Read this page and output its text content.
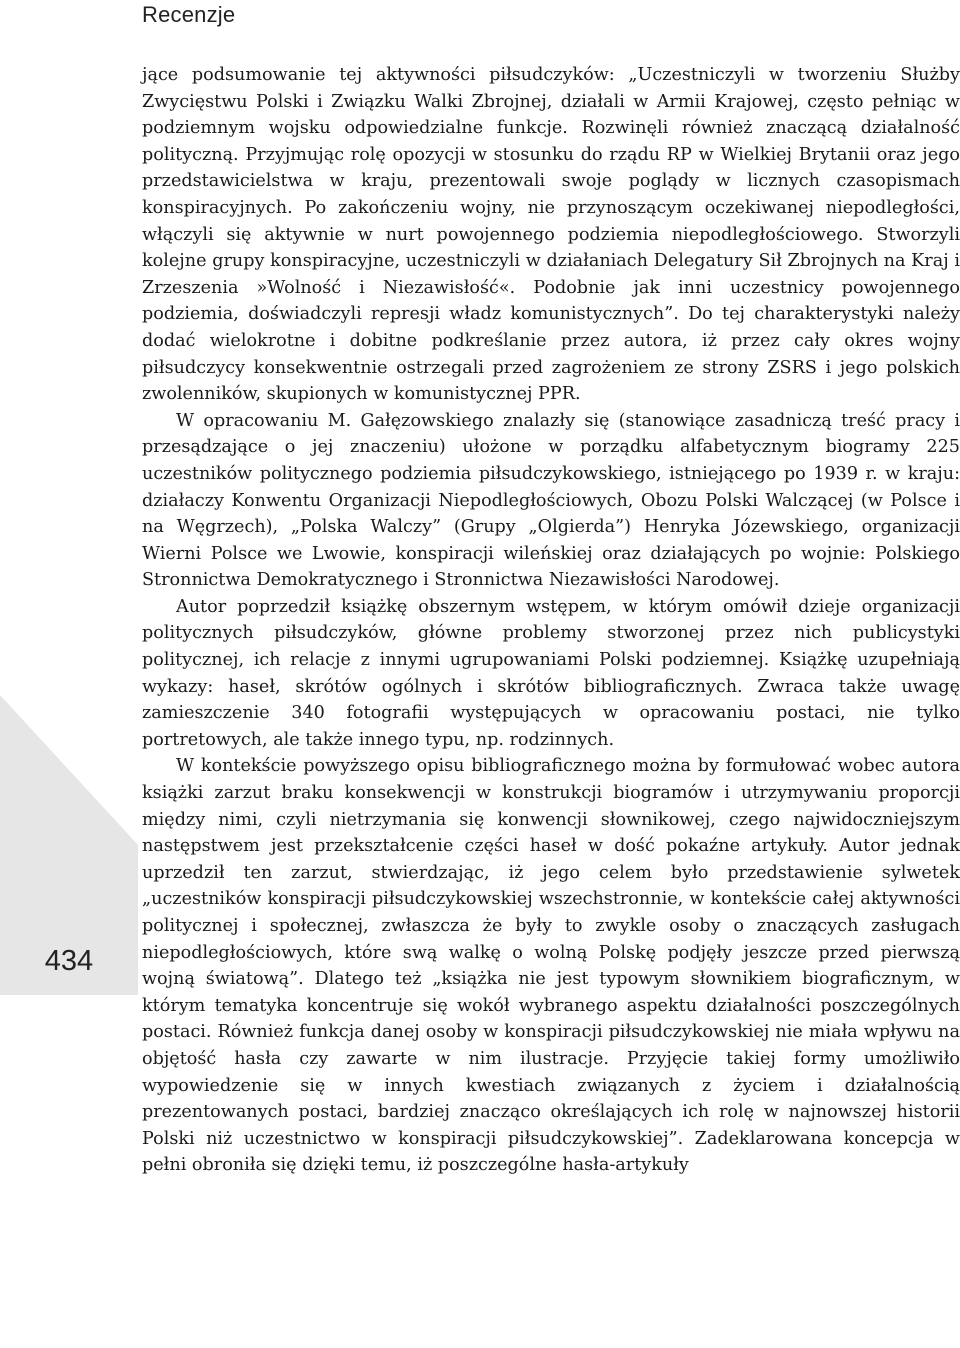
Recenzje
434

jące podsumowanie tej aktywności piłsudczyków: „Uczestniczyli w tworzeniu Służby Zwycięstwu Polski i Związku Walki Zbrojnej, działali w Armii Krajowej, często pełniąc w podziemnym wojsku odpowiedzialne funkcje. Rozwinęli również znaczącą działalność polityczną. Przyjmując rolę opozycji w stosunku do rządu RP w Wielkiej Brytanii oraz jego przedstawicielstwa w kraju, prezentowali swoje poglądy w licznych czasopismach konspiracyjnych. Po zakończeniu wojny, nie przynoszącym oczekiwanej niepodległości, włączyli się aktywnie w nurt powojennego podziemia niepodległościowego. Stworzyli kolejne grupy konspiracyjne, uczestniczyli w działaniach Delegatury Sił Zbrojnych na Kraj i Zrzeszenia »Wolność i Niezawisłość«. Podobnie jak inni uczestnicy powojennego podziemia, doświadczyli represji władz komunistycznych”. Do tej charakterystyki należy dodać wielokrotne i dobitne podkreślanie przez autora, iż przez cały okres wojny piłsudczycy konsekwentnie ostrzegali przed zagrożeniem ze strony ZSRS i jego polskich zwolenników, skupionych w komunistycznej PPR.

W opracowaniu M. Gałęzowskiego znalazły się (stanowiące zasadniczą treść pracy i przesądzające o jej znaczeniu) ułożone w porządku alfabetycznym biogramy 225 uczestników politycznego podziemia piłsudczykowskiego, istniejącego po 1939 r. w kraju: działaczy Konwentu Organizacji Niepodległościowych, Obozu Polski Walczącej (w Polsce i na Węgrzech), „Polska Walczy” (Grupy „Olgierda”) Henryka Józewskiego, organizacji Wierni Polsce we Lwowie, konspiracji wileńskiej oraz działających po wojnie: Polskiego Stronnictwa Demokratycznego i Stronnictwa Niezawisłości Narodowej.

Autor poprzedził książkę obszernym wstępem, w którym omówił dzieje organizacji politycznych piłsudczyków, główne problemy stworzonej przez nich publicystyki politycznej, ich relacje z innymi ugrupowaniami Polski podziemnej. Książkę uzupełniają wykazy: haseł, skrótów ogólnych i skrótów bibliograficznych. Zwraca także uwagę zamieszczenie 340 fotografii występujących w opracowaniu postaci, nie tylko portretowych, ale także innego typu, np. rodzinnych.

W kontekście powyższego opisu bibliograficznego można by formułować wobec autora książki zarzut braku konsekwencji w konstrukcji biogramów i utrzymywaniu proporcji między nimi, czyli nietrzymania się konwencji słownikowej, czego najwidoczniejszym następstwem jest przekształcenie części haseł w dość pokaźne artykuły. Autor jednak uprzedził ten zarzut, stwierdzając, iż jego celem było przedstawienie sylwetek „uczestników konspiracji piłsudczykowskiej wszechstronnie, w kontekście całej aktywności politycznej i społecznej, zwłaszcza że były to zwykle osoby o znaczących zasługach niepodległościowych, które swą walkę o wolną Polskę podjęły jeszcze przed pierwszą wojną światową”. Dlatego też „książka nie jest typowym słownikiem biograficznym, w którym tematyka koncentruje się wokół wybranego aspektu działalności poszczególnych postaci. Również funkcja danej osoby w konspiracji piłsudczykowskiej nie miała wpływu na objętość hasła czy zawarte w nim ilustracje. Przyjęcie takiej formy umożliwiło wypowiedzenie się w innych kwestiach związanych z życiem i działalnością prezentowanych postaci, bardziej znacząco określających ich rolę w najnowszej historii Polski niż uczestnictwo w konspiracji piłsudczykowskiej”. Zadeklarowana koncepcja w pełni obroniła się dzięki temu, iż poszczególne hasła-artykuły
